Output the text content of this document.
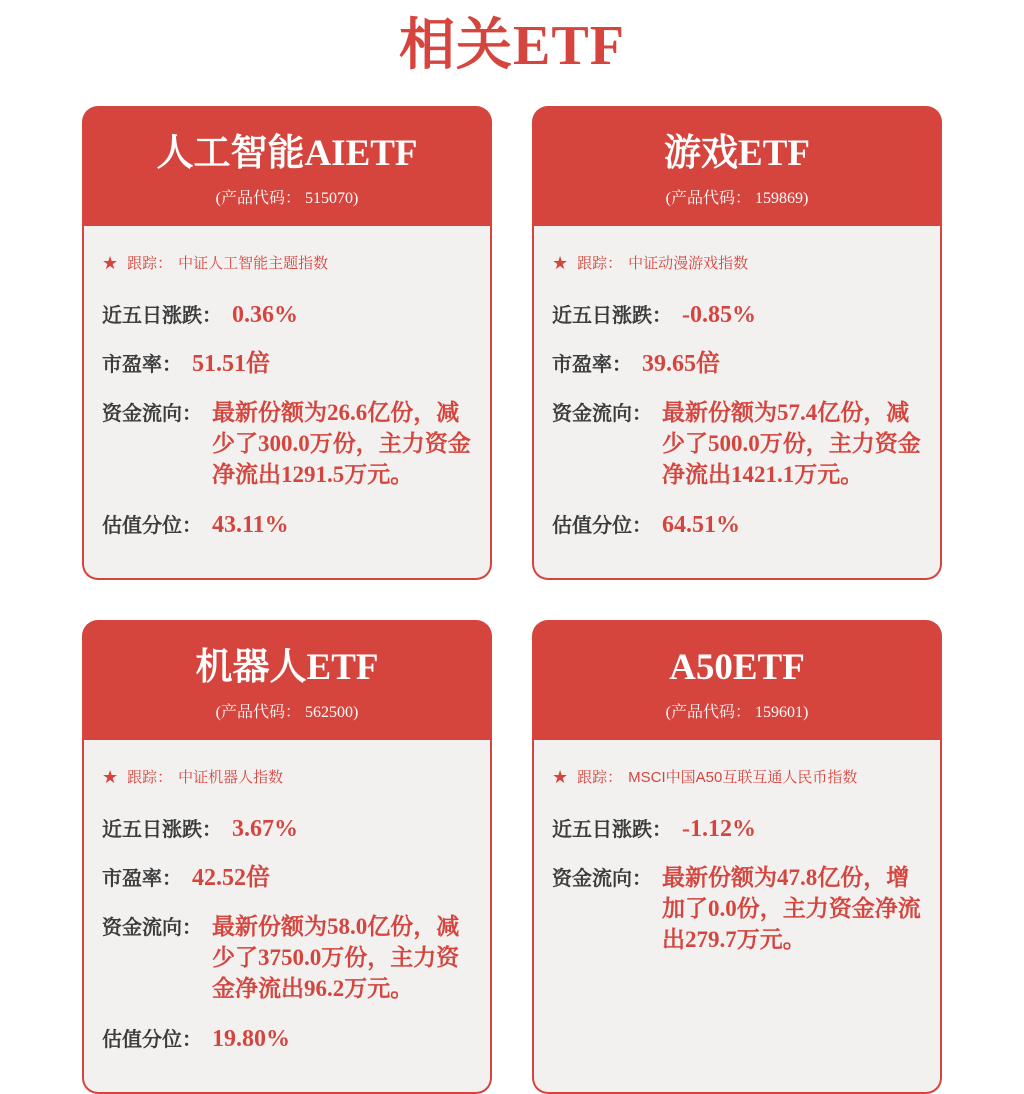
相关ETF
人工智能AIETF
(产品代码： 515070)
★ 跟踪： 中证人工智能主题指数
近五日涨跌： 0.36%
市盈率： 51.51倍
资金流向： 最新份额为26.6亿份，减少了300.0万份，主力资金净流出1291.5万元。
估值分位： 43.11%
游戏ETF
(产品代码： 159869)
★ 跟踪： 中证动漫游戏指数
近五日涨跌： -0.85%
市盈率： 39.65倍
资金流向： 最新份额为57.4亿份，减少了500.0万份，主力资金净流出1421.1万元。
估值分位： 64.51%
机器人ETF
(产品代码： 562500)
★ 跟踪： 中证机器人指数
近五日涨跌： 3.67%
市盈率： 42.52倍
资金流向： 最新份额为58.0亿份，减少了3750.0万份，主力资金净流出96.2万元。
估值分位： 19.80%
A50ETF
(产品代码： 159601)
★ 跟踪： MSCI中国A50互联互通人民币指数
近五日涨跌： -1.12%
资金流向： 最新份额为47.8亿份，增加了0.0份，主力资金净流出279.7万元。
